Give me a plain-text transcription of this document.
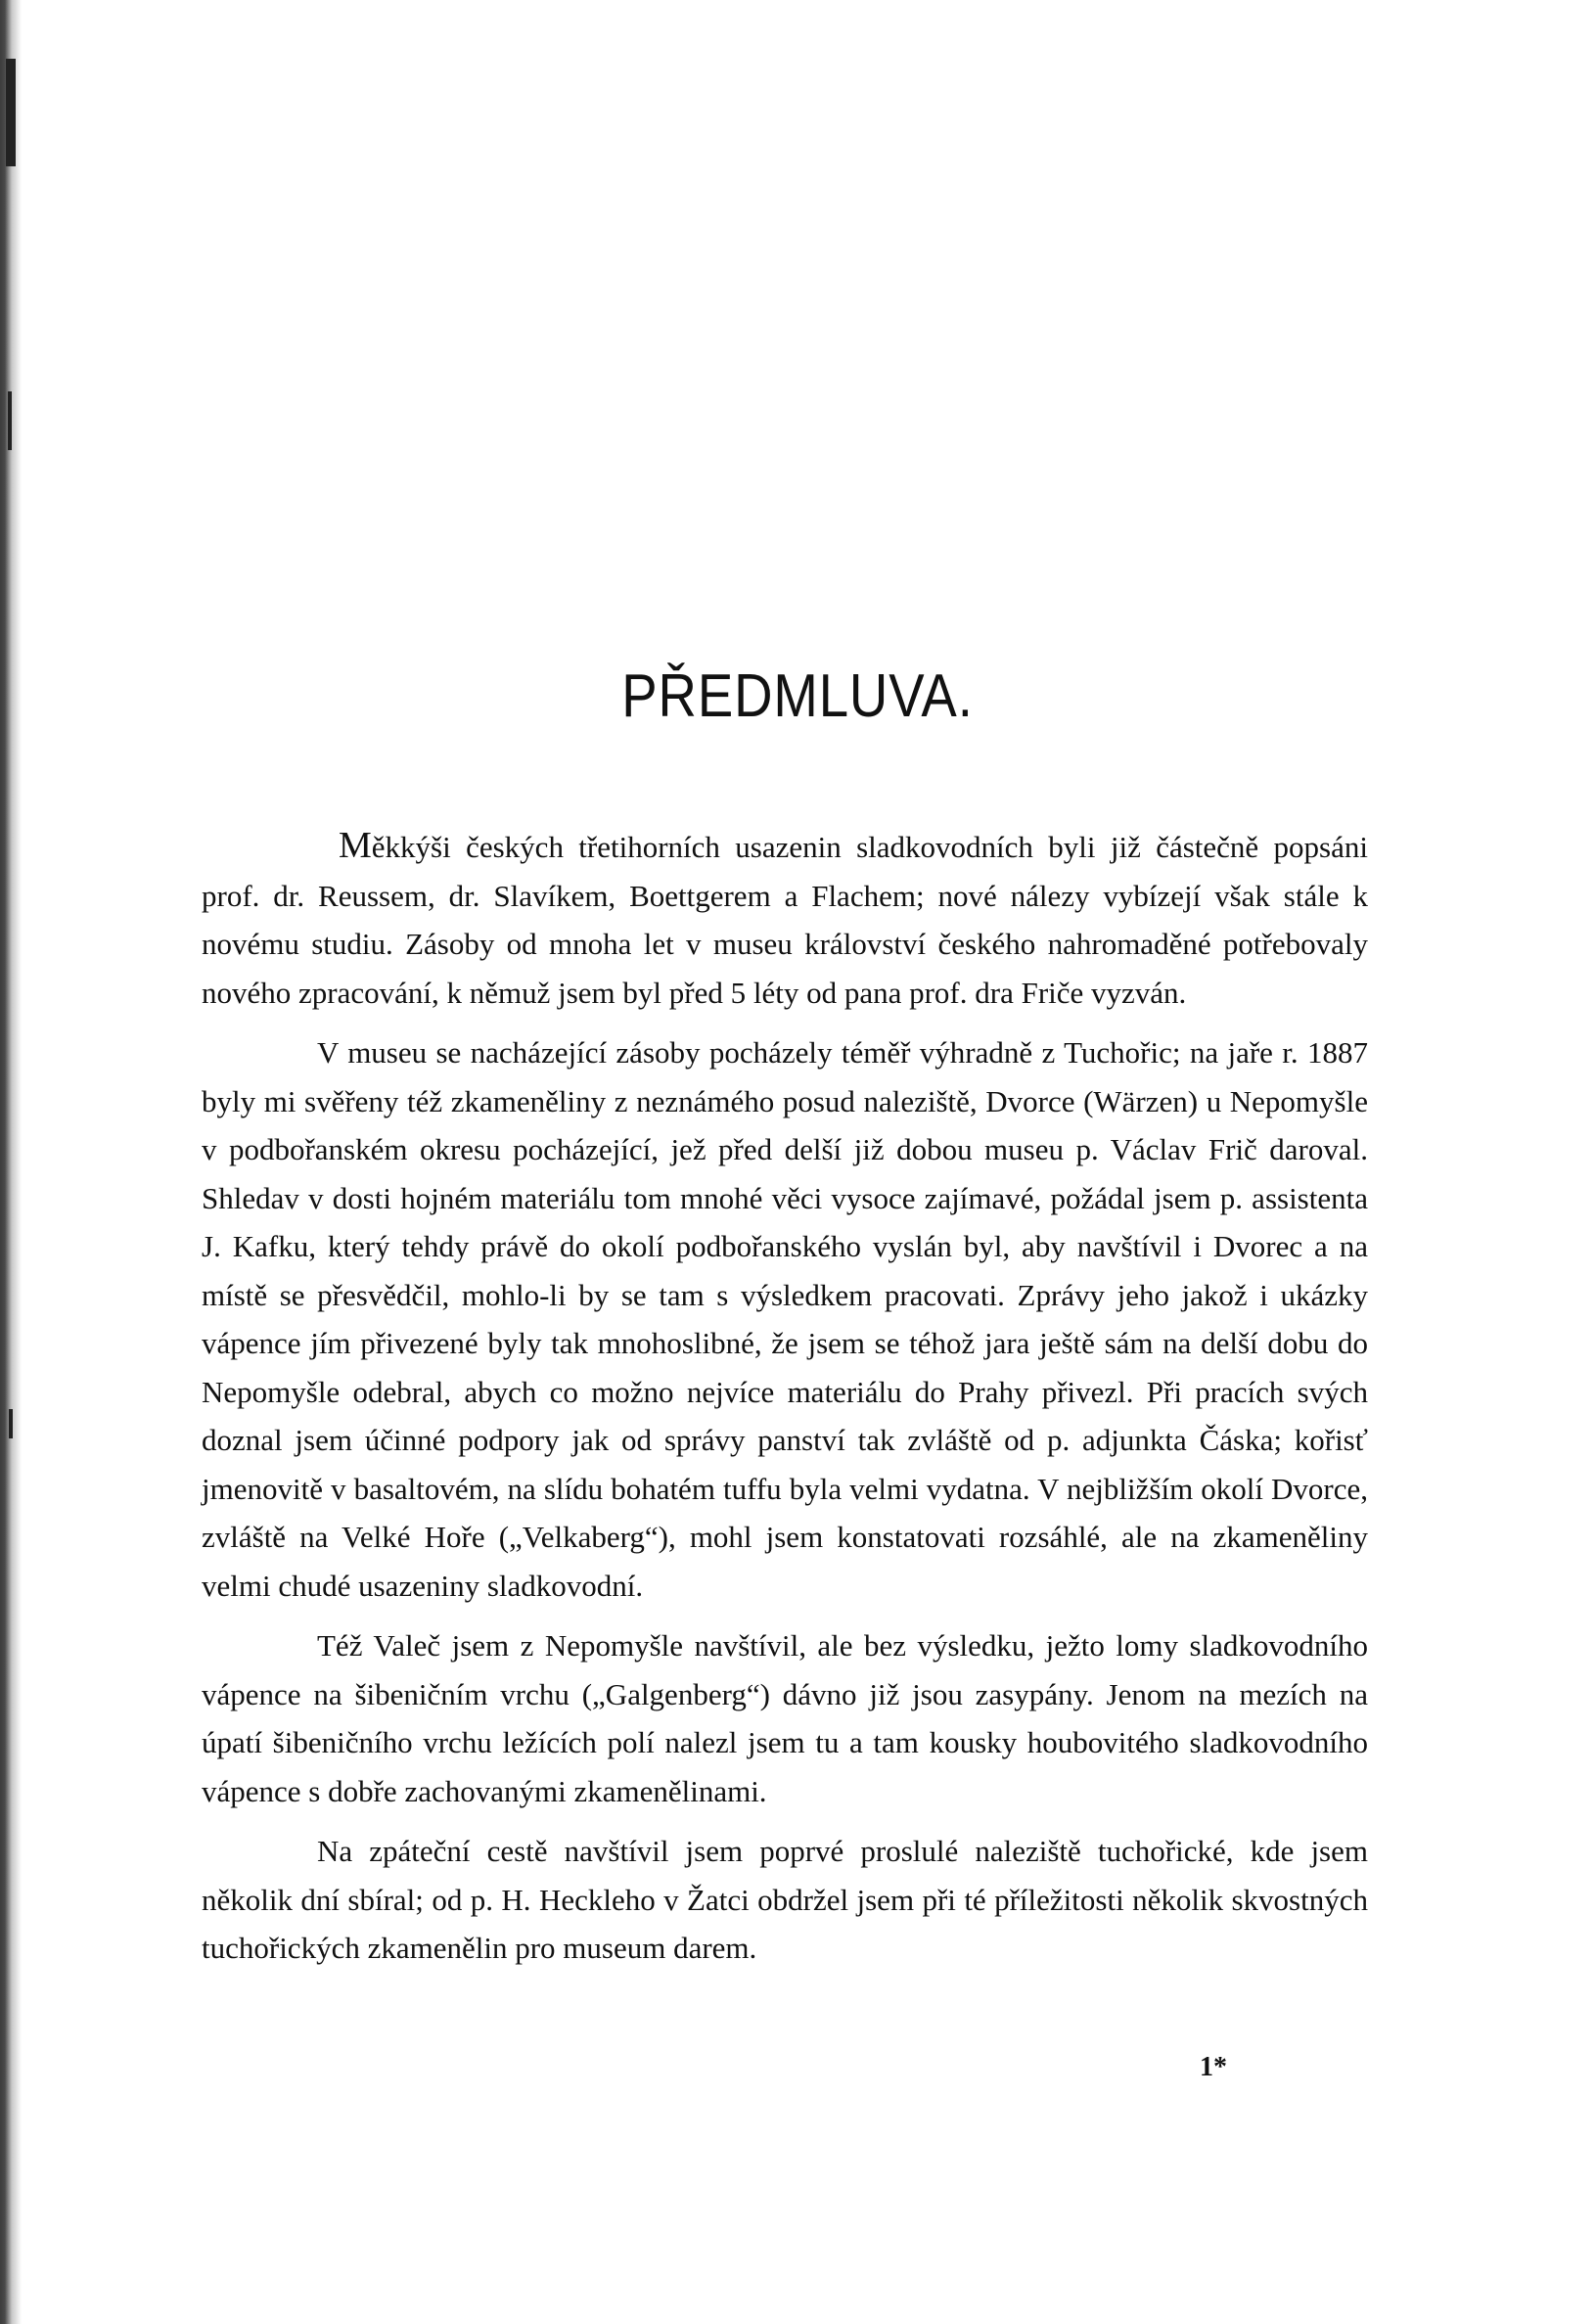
PŘEDMLUVA.

Měkkýši českých třetihorních usazenin sladkovodních byli již částečně popsáni prof. dr. Reussem, dr. Slavíkem, Boettgerem a Flachem; nové nálezy vybízejí však stále k novému studiu. Zásoby od mnoha let v museu království českého nahromaděné potřebovaly nového zpracování, k němuž jsem byl před 5 léty od pana prof. dra Friče vyzván.

V museu se nacházející zásoby pocházely téměř výhradně z Tuchořic; na jaře r. 1887 byly mi svěřeny též zkameněliny z neznámého posud naleziště, Dvorce (Wärzen) u Nepomyšle v podbořanském okresu pocházející, jež před delší již dobou museu p. Václav Frič daroval. Shledav v dosti hojném materiálu tom mnohé věci vysoce zajímavé, požádal jsem p. assistenta J. Kafku, který tehdy právě do okolí podbořanského vyslán byl, aby navštívil i Dvorec a na místě se přesvědčil, mohlo-li by se tam s výsledkem pracovati. Zprávy jeho jakož i ukázky vápence jím přivezené byly tak mnohoslibné, že jsem se téhož jara ještě sám na delší dobu do Nepomyšle odebral, abych co možno nejvíce materiálu do Prahy přivezl. Při pracích svých doznal jsem účinné podpory jak od správy panství tak zvláště od p. adjunkta Čáska; kořisť jmenovitě v basaltovém, na slídu bohatém tuffu byla velmi vydatna. V nejbližším okolí Dvorce, zvláště na Velké Hoře („Velkaberg“), mohl jsem konstatovati rozsáhlé, ale na zkameněliny velmi chudé usazeniny sladkovodní.

Též Valeč jsem z Nepomyšle navštívil, ale bez výsledku, ježto lomy sladkovodního vápence na šibeničním vrchu („Galgenberg“) dávno již jsou zasypány. Jenom na mezích na úpatí šibeničního vrchu ležících polí nalezl jsem tu a tam kousky houbovitého sladkovodního vápence s dobře zachovanými zkamenělinami.

Na zpáteční cestě navštívil jsem poprvé proslulé naleziště tuchořické, kde jsem několik dní sbíral; od p. H. Heckleho v Žatci obdržel jsem při té příležitosti několik skvostných tuchořických zkamenělin pro museum darem.

1*
